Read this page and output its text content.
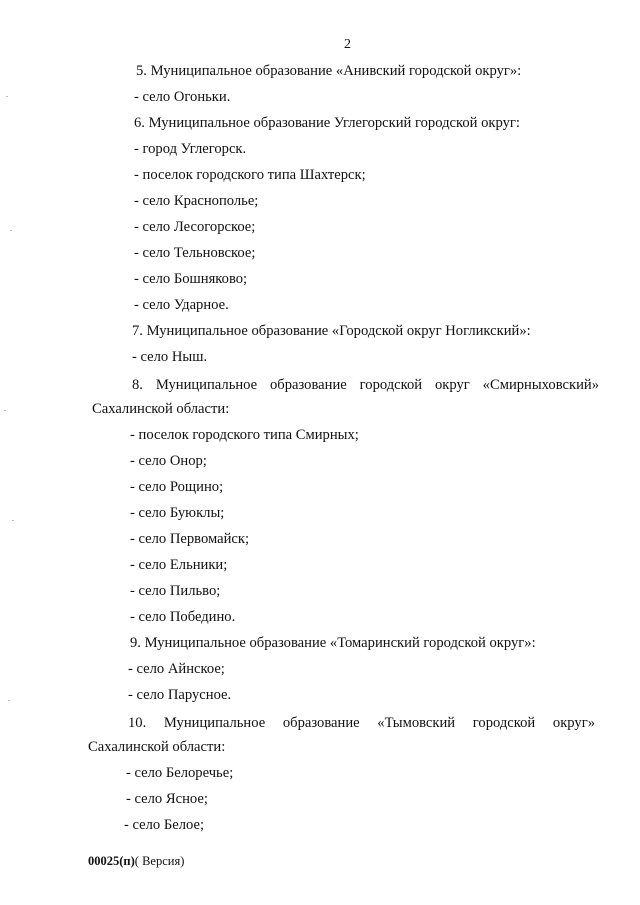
2
5. Муниципальное образование «Анивский городской округ»:
- село Огоньки.
6. Муниципальное образование Углегорский городской округ:
- город Углегорск.
- поселок городского типа Шахтерск;
- село Краснополье;
- село Лесогорское;
- село Тельновское;
- село Бошняково;
- село Ударное.
7. Муниципальное образование «Городской округ Ногликский»:
- село Ныш.
8. Муниципальное образование городской округ «Смирныховский»
Сахалинской области:
- поселок городского типа Смирных;
- село Онор;
- село Рощино;
- село Буюклы;
- село Первомайск;
- село Ельники;
- село Пильво;
- село Победино.
9. Муниципальное образование «Томаринский городской округ»:
- село Айнское;
- село Парусное.
10. Муниципальное образование «Тымовский городской округ»
Сахалинской области:
- село Белоречье;
- село Ясное;
- село Белое;
00025(п)( Версия)
